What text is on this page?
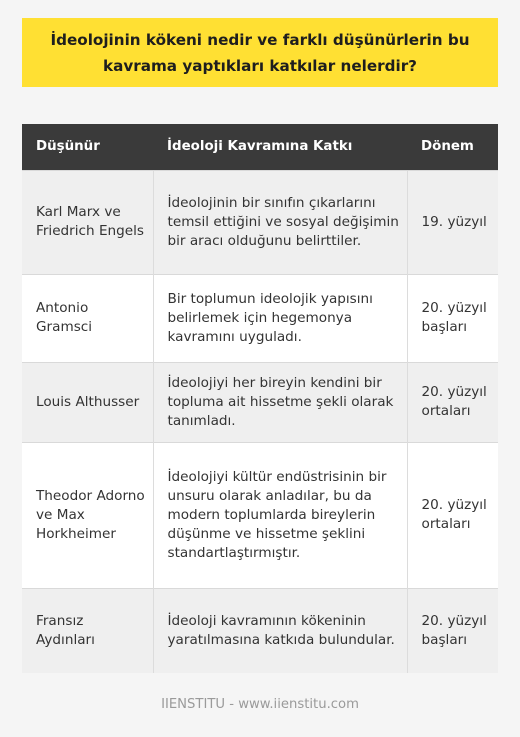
İdeolojinin kökeni nedir ve farklı düşünürlerin bu kavrama yaptıkları katkılar nelerdir?
Düşünür	İdeoloji Kavramına Katkı	Dönem
Karl Marx ve Friedrich Engels	İdeolojinin bir sınıfın çıkarlarını temsil ettiğini ve sosyal değişimin bir aracı olduğunu belirttiler.	19. yüzyıl
Antonio Gramsci	Bir toplumun ideolojik yapısını belirlemek için hegemonya kavramını uyguladı.	20. yüzyıl başları
Louis Althusser	İdeolojiyi her bireyin kendini bir topluma ait hissetme şekli olarak tanımladı.	20. yüzyıl ortaları
Theodor Adorno ve Max Horkheimer	İdeolojiyi kültür endüstrisinin bir unsuru olarak anladılar, bu da modern toplumlarda bireylerin düşünme ve hissetme şeklini standartlaştırmıştır.	20. yüzyıl ortaları
Fransız Aydınları	İdeoloji kavramının kökeninin yaratılmasına katkıda bulundular.	20. yüzyıl başları
IIENSTITU - www.iienstitu.com
